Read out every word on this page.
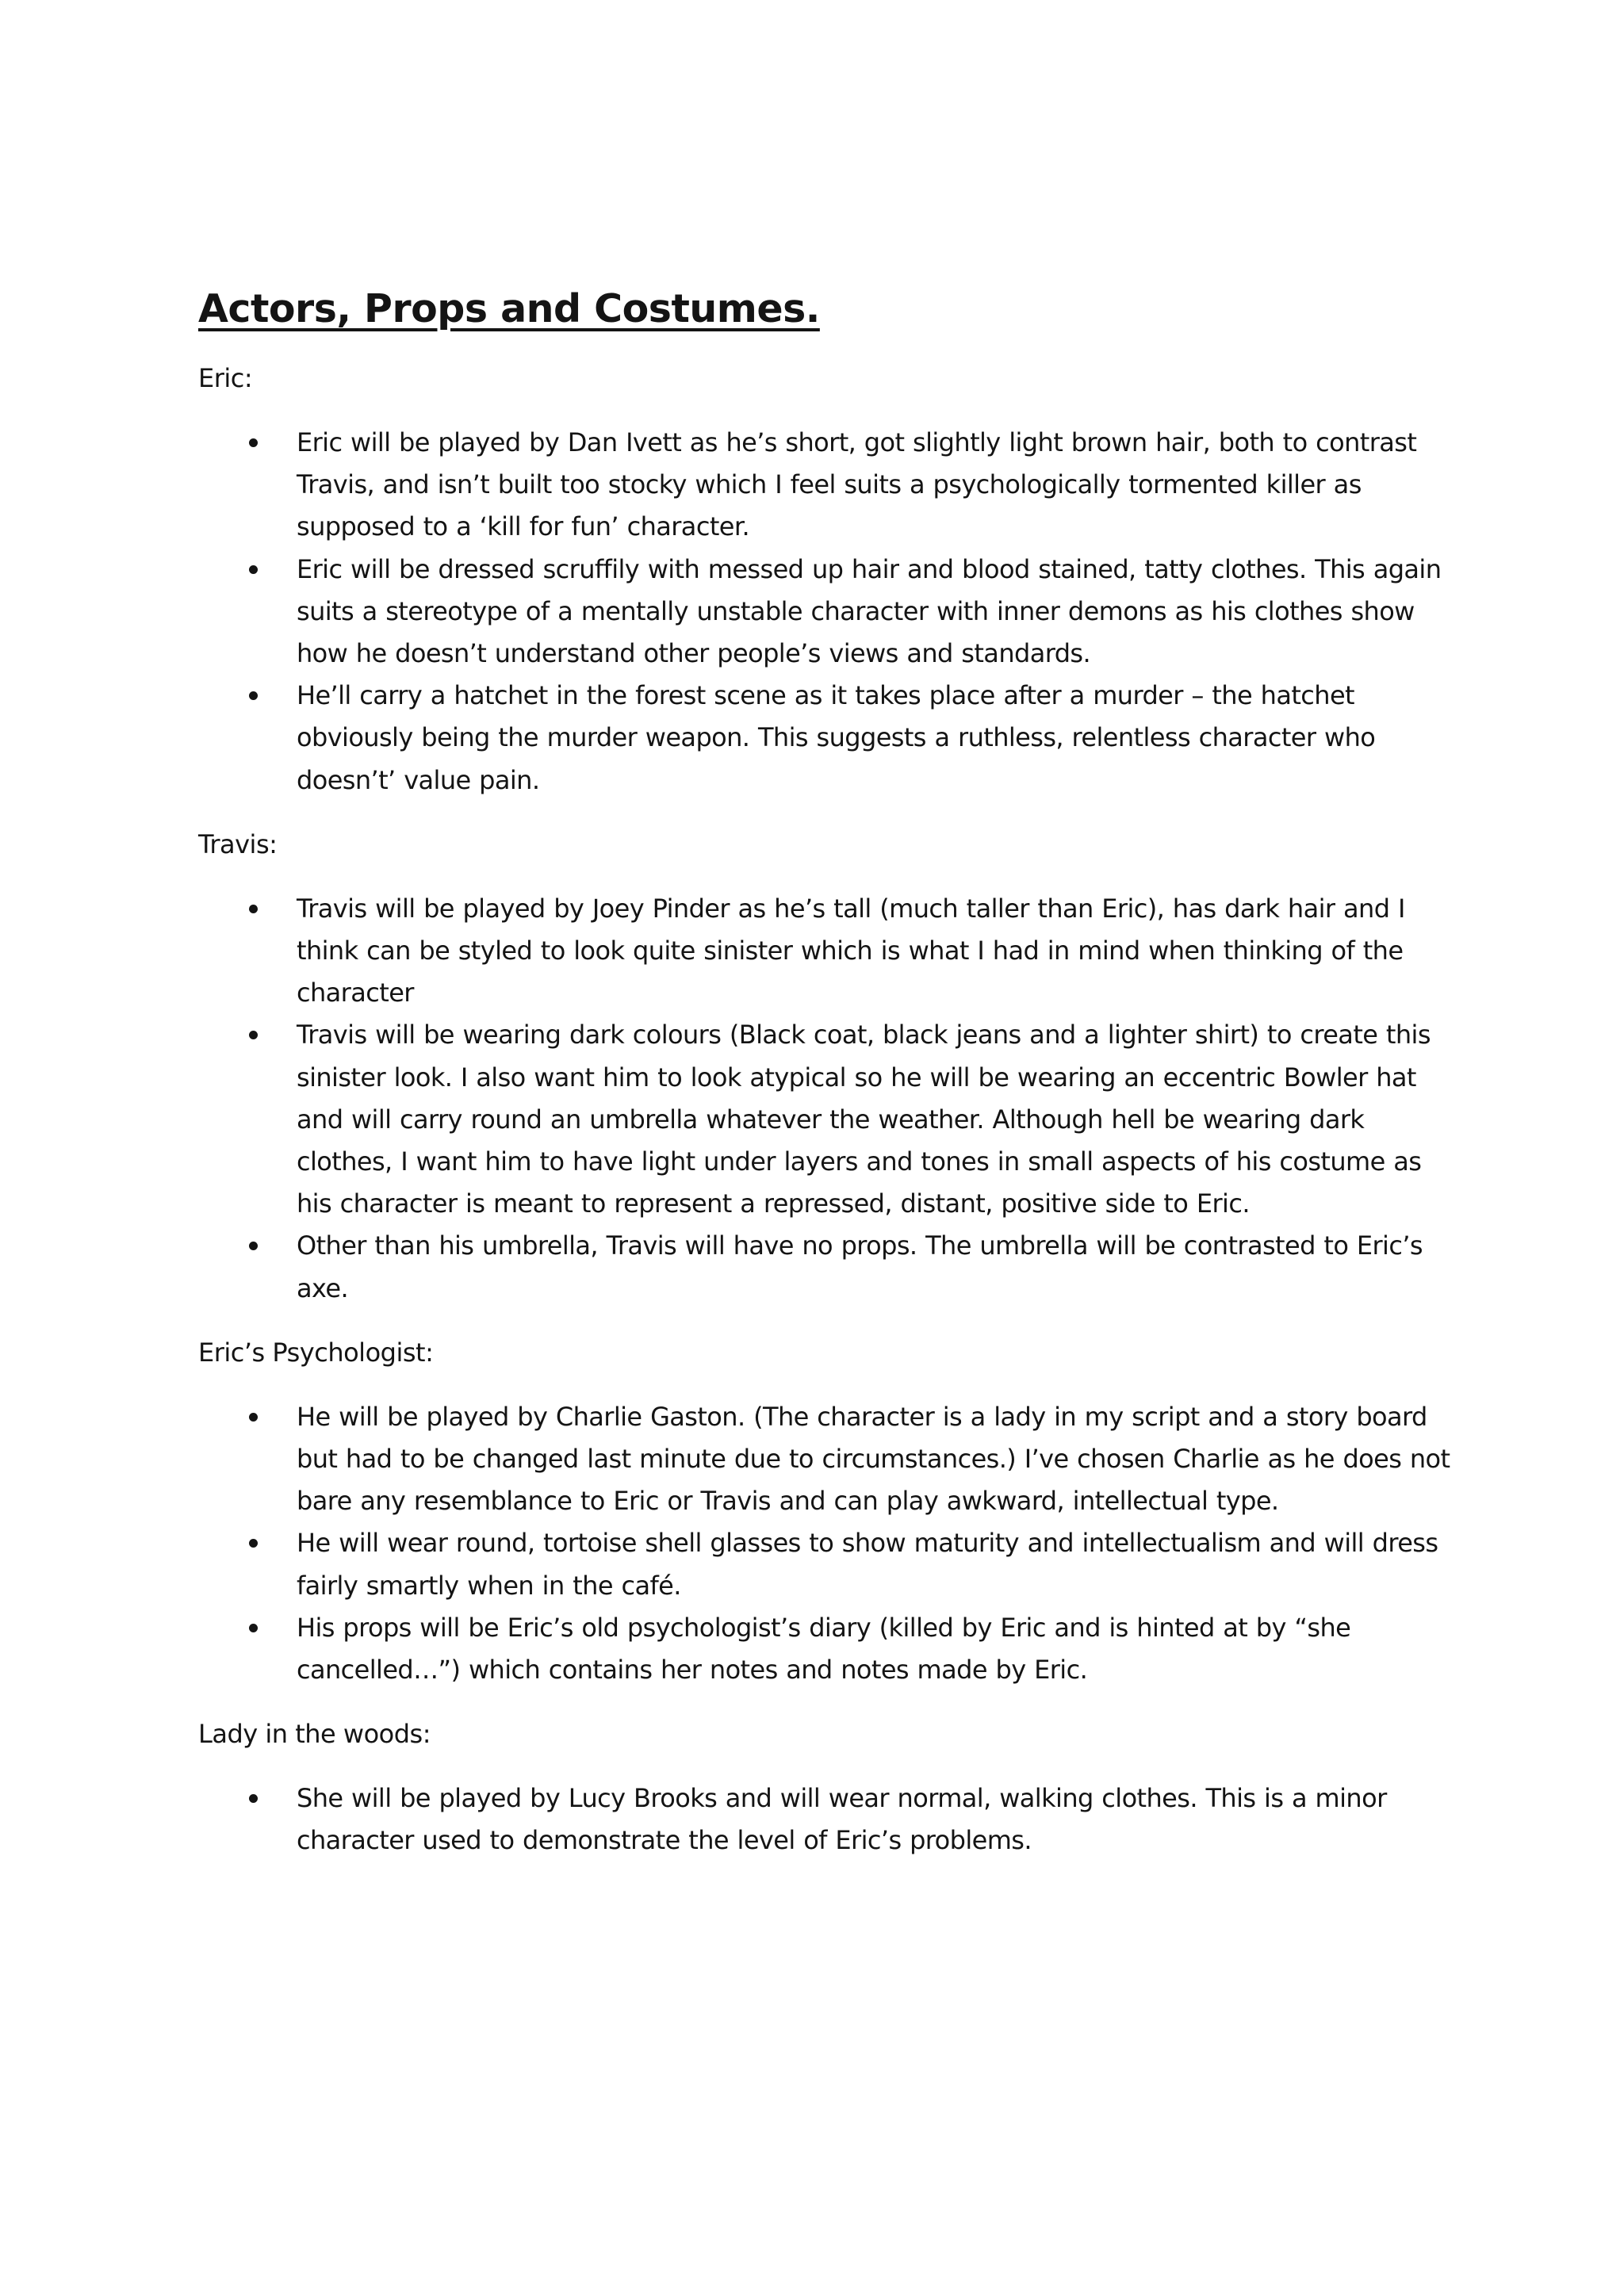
Actors, Props and Costumes.

Eric:

Eric will be played by Dan Ivett as he’s short, got slightly light brown hair, both to contrast Travis, and isn’t built too stocky which I feel suits a psychologically tormented killer as supposed to a ‘kill for fun’ character.
Eric will be dressed scruffily with messed up hair and blood stained, tatty clothes. This again suits a stereotype of a mentally unstable character with inner demons as his clothes show how he doesn’t understand other people’s views and standards.
He’ll carry a hatchet in the forest scene as it takes place after a murder – the hatchet obviously being the murder weapon. This suggests a ruthless, relentless character who doesn’t’ value pain.

Travis:

Travis will be played by Joey Pinder as he’s tall (much taller than Eric), has dark hair and I think can be styled to look quite sinister which is what I had in mind when thinking of the character
Travis will be wearing dark colours (Black coat, black jeans and a lighter shirt) to create this sinister look. I also want him to look atypical so he will be wearing an eccentric Bowler hat and will carry round an umbrella whatever the weather. Although hell be wearing dark clothes, I want him to have light under layers and tones in small aspects of his costume as his character is meant to represent a repressed, distant, positive side to Eric.
Other than his umbrella, Travis will have no props. The umbrella will be contrasted to Eric’s axe.

Eric’s Psychologist:

He will be played by Charlie Gaston. (The character is a lady in my script and a story board but had to be changed last minute due to circumstances.) I’ve chosen Charlie as he does not bare any resemblance to Eric or Travis and can play awkward, intellectual type.
He will wear round, tortoise shell glasses to show maturity and intellectualism and will dress fairly smartly when in the café.
His props will be Eric’s old psychologist’s diary (killed by Eric and is hinted at by “she cancelled…”) which contains her notes and notes made by Eric.

Lady in the woods:

She will be played by Lucy Brooks and will wear normal, walking clothes. This is a minor character used to demonstrate the level of Eric’s problems.
